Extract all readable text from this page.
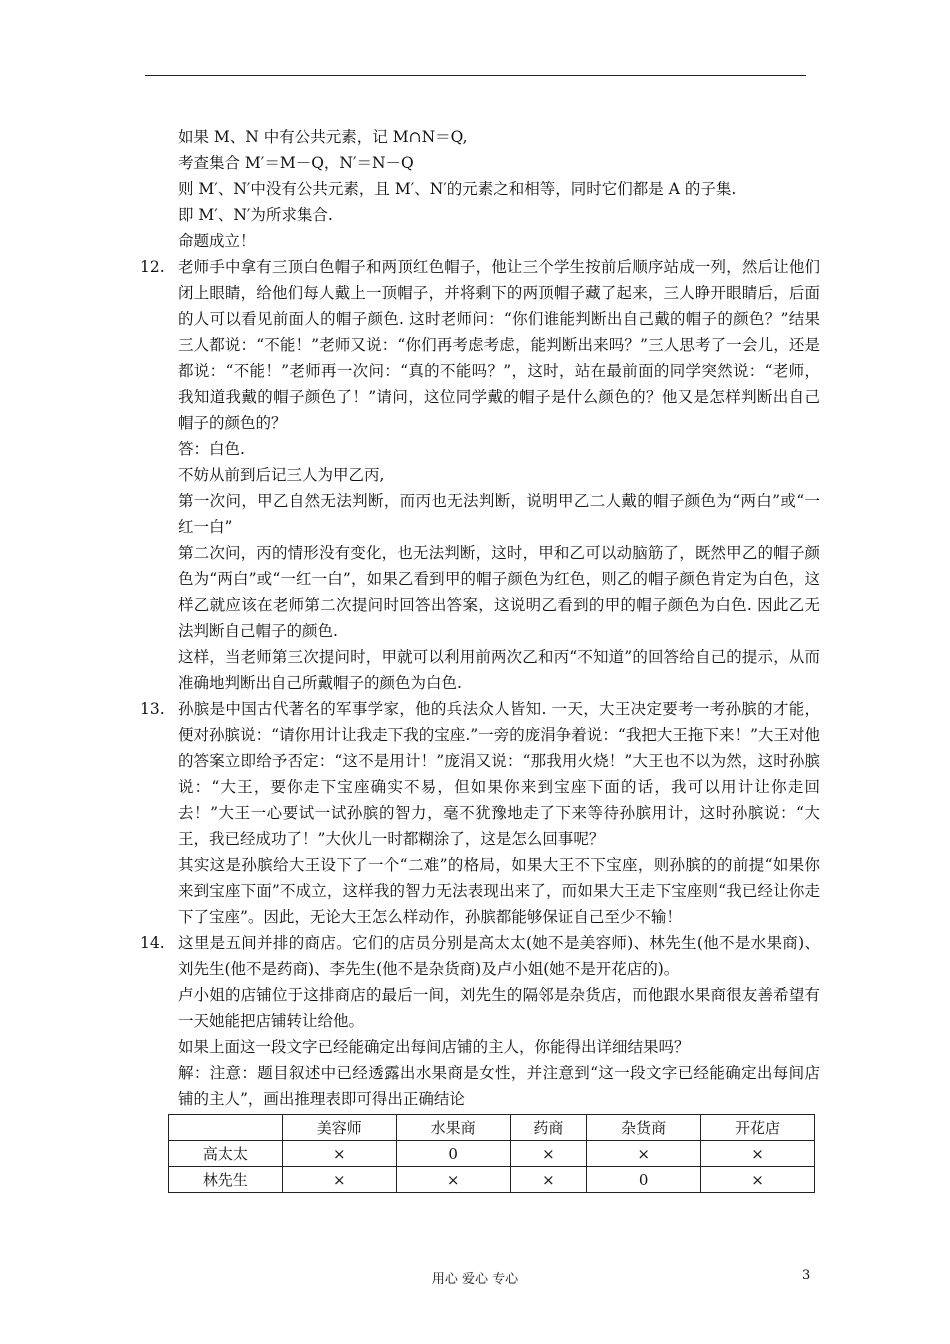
如果 M、N 中有公共元素，记 M∩N＝Q,
考查集合 M′＝M－Q，N′＝N－Q
则 M′、N′中没有公共元素，且 M′、N′的元素之和相等，同时它们都是 A 的子集.
即 M′、N′为所求集合.
命题成立！
12. 老师手中拿有三顶白色帽子和两顶红色帽子，他让三个学生按前后顺序站成一列，然后让他们闭上眼睛，给他们每人戴上一顶帽子，并将剩下的两顶帽子藏了起来，三人睁开眼睛后，后面的人可以看见前面人的帽子颜色. 这时老师问：“你们谁能判断出自己戴的帽子的颜色？”结果三人都说：“不能！”老师又说：“你们再考虑考虑，能判断出来吗？”三人思考了一会儿，还是都说：“不能！”老师再一次问：“真的不能吗？”，这时，站在最前面的同学突然说：“老师，我知道我戴的帽子颜色了！”请问，这位同学戴的帽子是什么颜色的？他又是怎样判断出自己帽子的颜色的？
答：白色.
不妨从前到后记三人为甲乙丙,
第一次问，甲乙自然无法判断，而丙也无法判断，说明甲乙二人戴的帽子颜色为“两白”或“一红一白”
第二次问，丙的情形没有变化，也无法判断，这时，甲和乙可以动脑筋了，既然甲乙的帽子颜色为“两白”或“一红一白”，如果乙看到甲的帽子颜色为红色，则乙的帽子颜色肯定为白色，这样乙就应该在老师第二次提问时回答出答案，这说明乙看到的甲的帽子颜色为白色. 因此乙无法判断自己帽子的颜色.
这样，当老师第三次提问时，甲就可以利用前两次乙和丙“不知道”的回答给自己的提示，从而准确地判断出自己所戴帽子的颜色为白色.
13. 孙膑是中国古代著名的军事学家，他的兵法众人皆知. 一天，大王决定要考一考孙膑的才能，便对孙膑说：“请你用计让我走下我的宝座.”一旁的庞涓争着说：“我把大王拖下来！”大王对他的答案立即给予否定：“这不是用计！”庞涓又说：“那我用火烧！”大王也不以为然，这时孙膑说：“大王，要你走下宝座确实不易，但如果你来到宝座下面的话，我可以用计让你走回去！”大王一心要试一试孙膑的智力，毫不犹豫地走了下来等待孙膑用计，这时孙膑说：“大王，我已经成功了！”大伙儿一时都糊涂了，这是怎么回事呢？
其实这是孙膑给大王设下了一个“二难”的格局，如果大王不下宝座，则孙膑的的前提“如果你来到宝座下面”不成立，这样我的智力无法表现出来了，而如果大王走下宝座则“我已经让你走下了宝座”。因此，无论大王怎么样动作，孙膑都能够保证自己至少不输！
14. 这里是五间并排的商店。它们的店员分别是高太太(她不是美容师)、林先生(他不是水果商)、刘先生(他不是药商)、李先生(他不是杂货商)及卢小姐(她不是开花店的)。
卢小姐的店铺位于这排商店的最后一间，刘先生的隔邻是杂货店，而他跟水果商很友善希望有一天她能把店铺转让给他。
如果上面这一段文字已经能确定出每间店铺的主人，你能得出详细结果吗？
解：注意：题目叙述中已经透露出水果商是女性，并注意到“这一段文字已经能确定出每间店铺的主人”，画出推理表即可得出正确结论
	美容师	水果商	药商	杂货商	开花店
高太太	×	0	×	×	×
林先生	×	×	×	0	×
用心 爱心 专心	3
